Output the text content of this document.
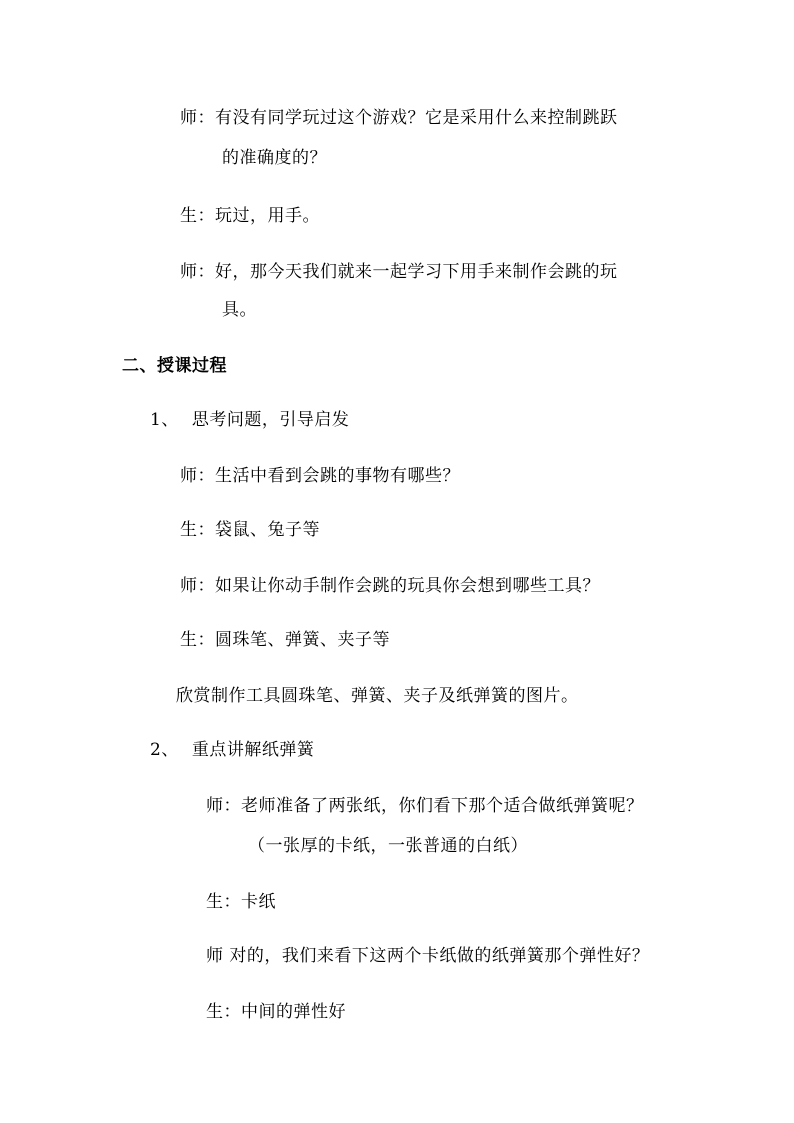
师：有没有同学玩过这个游戏？它是采用什么来控制跳跃
的准确度的？
生：玩过，用手。
师：好，那今天我们就来一起学习下用手来制作会跳的玩
具。
二、授课过程
1、 思考问题，引导启发
师：生活中看到会跳的事物有哪些？
生：袋鼠、兔子等
师：如果让你动手制作会跳的玩具你会想到哪些工具？
生：圆珠笔、弹簧、夹子等
欣赏制作工具圆珠笔、弹簧、夹子及纸弹簧的图片。
2、 重点讲解纸弹簧
师：老师准备了两张纸，你们看下那个适合做纸弹簧呢？
（一张厚的卡纸，一张普通的白纸）
生：卡纸
师 对的，我们来看下这两个卡纸做的纸弹簧那个弹性好？
生：中间的弹性好
